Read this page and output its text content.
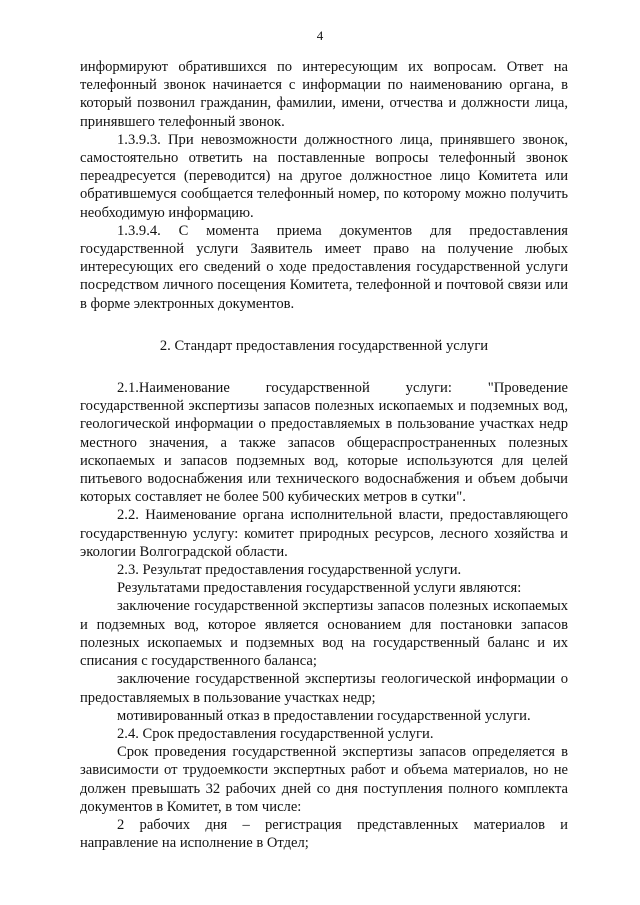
4

информируют обратившихся по интересующим их вопросам. Ответ на телефонный звонок начинается с информации по наименованию органа, в который позвонил гражданин, фамилии, имени, отчества и должности лица, принявшего телефонный звонок.

1.3.9.3. При невозможности должностного лица, принявшего звонок, самостоятельно ответить на поставленные вопросы телефонный звонок переадресуется (переводится) на другое должностное лицо Комитета или обратившемуся сообщается телефонный номер, по которому можно получить необходимую информацию.

1.3.9.4. С момента приема документов для предоставления государственной услуги Заявитель имеет право на получение любых интересующих его сведений о ходе предоставления государственной услуги посредством личного посещения Комитета, телефонной и почтовой связи или в форме электронных документов.

2. Стандарт предоставления государственной услуги

2.1.Наименование государственной услуги: "Проведение государственной экспертизы запасов полезных ископаемых и подземных вод, геологической информации о предоставляемых в пользование участках недр местного значения, а также запасов общераспространенных полезных ископаемых и запасов подземных вод, которые используются для целей питьевого водоснабжения или технического водоснабжения и объем добычи которых составляет не более 500 кубических метров в сутки".

2.2. Наименование органа исполнительной власти, предоставляющего государственную услугу: комитет природных ресурсов, лесного хозяйства и экологии Волгоградской области.

2.3. Результат предоставления государственной услуги.

Результатами предоставления государственной услуги являются:

заключение государственной экспертизы запасов полезных ископаемых и подземных вод, которое является основанием для постановки запасов полезных ископаемых и подземных вод на государственный баланс и их списания с государственного баланса;

заключение государственной экспертизы геологической информации о предоставляемых в пользование участках недр;

мотивированный отказ в предоставлении государственной услуги.

2.4. Срок предоставления государственной услуги.

Срок проведения государственной экспертизы запасов определяется в зависимости от трудоемкости экспертных работ и объема материалов, но не должен превышать 32 рабочих дней со дня поступления полного комплекта документов в Комитет, в том числе:

2 рабочих дня – регистрация представленных материалов и направление на исполнение в Отдел;
